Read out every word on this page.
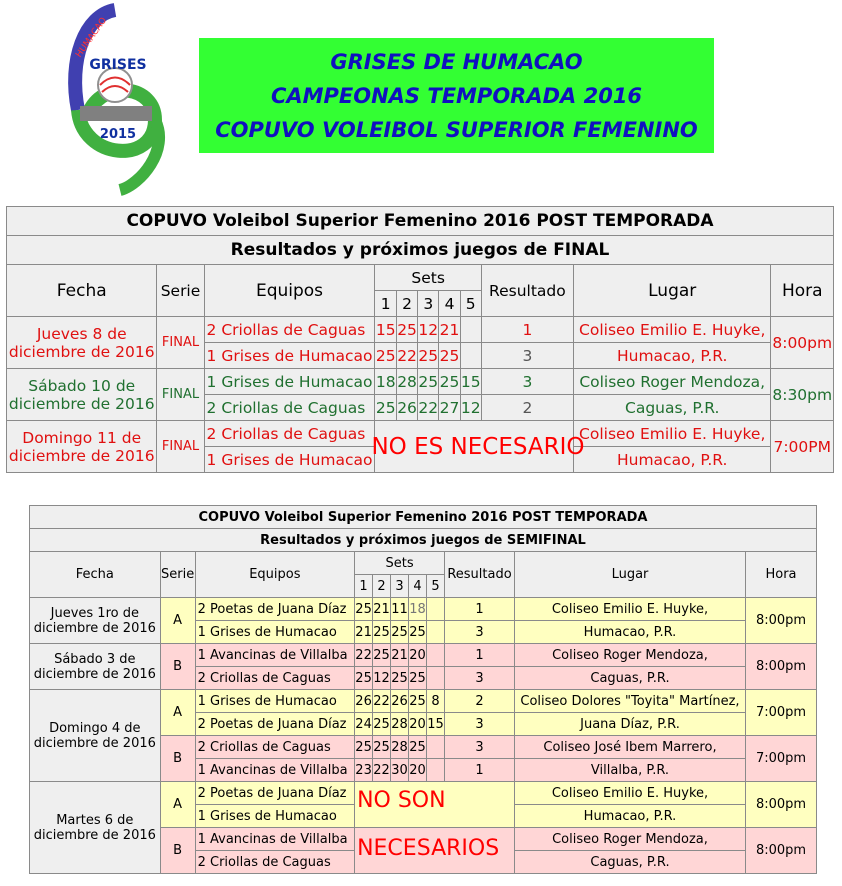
GRISES
HUMACAO
2015
GRISES DE HUMACAO
CAMPEONAS TEMPORADA 2016
COPUVO VOLEIBOL SUPERIOR FEMENINO
COPUVO Voleibol Superior Femenino 2016 POST TEMPORADA										
Resultados y próximos juegos de FINAL										
Fecha	Serie	Equipos	Sets					Resultado	Lugar	Hora
			1	2	3	4	5			
Jueves 8 de diciembre de 2016	FINAL	2 Criollas de Caguas	15	25	12	21		1	Coliseo Emilio E. Huyke,	8:00pm
		1 Grises de Humacao	25	22	25	25		3	Humacao, P.R.	
Sábado 10 de diciembre de 2016	FINAL	1 Grises de Humacao	18	28	25	25	15	3	Coliseo Roger Mendoza,	8:30pm
		2 Criollas de Caguas	25	26	22	27	12	2	Caguas, P.R.	
Domingo 11 de diciembre de 2016	FINAL	2 Criollas de Caguas	NO ES NECESARIO						Coliseo Emilio E. Huyke,	7:00PM
		1 Grises de Humacao							Humacao, P.R.	
COPUVO Voleibol Superior Femenino 2016 POST TEMPORADA										
Resultados y próximos juegos de SEMIFINAL										
Fecha	Serie	Equipos	Sets					Resultado	Lugar	Hora
			1	2	3	4	5			
Jueves 1ro de diciembre de 2016	A	2 Poetas de Juana Díaz	25	21	11	18		1	Coliseo Emilio E. Huyke,	8:00pm
		1 Grises de Humacao	21	25	25	25		3	Humacao, P.R.	
Sábado 3 de diciembre de 2016	B	1 Avancinas de Villalba	22	25	21	20		1	Coliseo Roger Mendoza,	8:00pm
		2 Criollas de Caguas	25	12	25	25		3	Caguas, P.R.	
Domingo 4 de diciembre de 2016	A	1 Grises de Humacao	26	22	26	25	8	2	Coliseo Dolores "Toyita" Martínez,	7:00pm
		2 Poetas de Juana Díaz	24	25	28	20	15	3	Juana Díaz, P.R.	
	B	2 Criollas de Caguas	25	25	28	25		3	Coliseo José Ibem Marrero,	7:00pm
		1 Avancinas de Villalba	23	22	30	20		1	Villalba, P.R.	
Martes 6 de diciembre de 2016	A	2 Poetas de Juana Díaz	NO SON						Coliseo Emilio E. Huyke,	8:00pm
		1 Grises de Humacao							Humacao, P.R.	
	B	1 Avancinas de Villalba	NECESARIOS						Coliseo Roger Mendoza,	8:00pm
		2 Criollas de Caguas							Caguas, P.R.	
